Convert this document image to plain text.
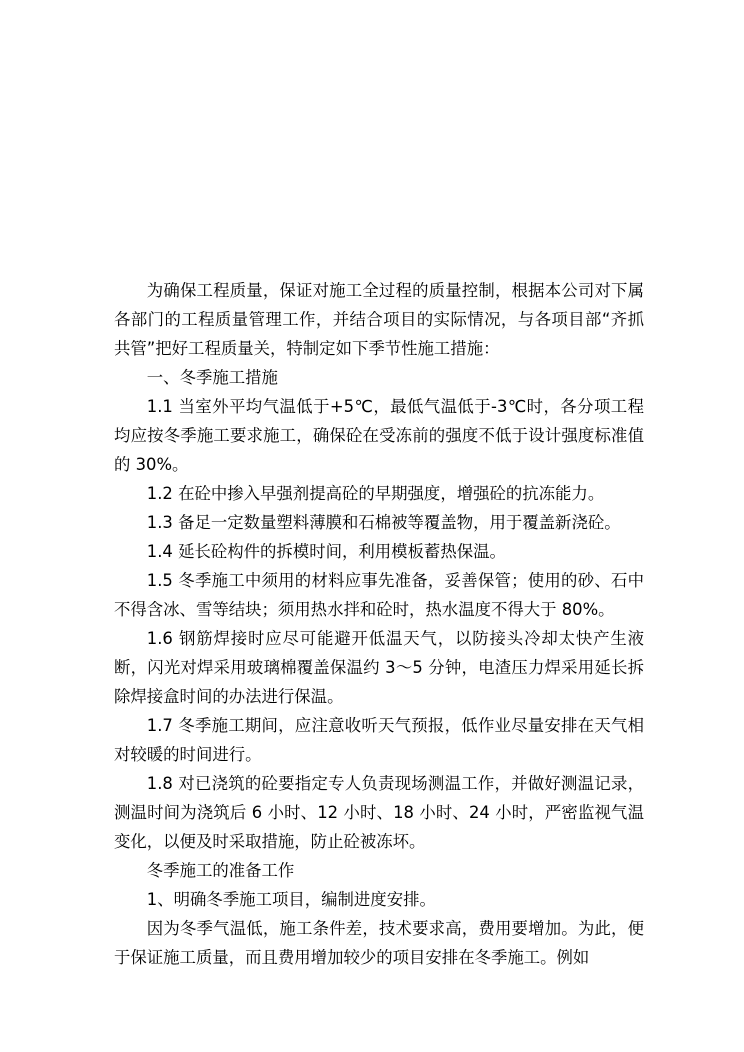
为确保工程质量，保证对施工全过程的质量控制，根据本公司对下属各部门的工程质量管理工作，并结合项目的实际情况，与各项目部“齐抓共管”把好工程质量关，特制定如下季节性施工措施：

一、冬季施工措施

1.1 当室外平均气温低于+5℃，最低气温低于-3℃时，各分项工程均应按冬季施工要求施工，确保砼在受冻前的强度不低于设计强度标准值的 30%。

1.2 在砼中掺入早强剂提高砼的早期强度，增强砼的抗冻能力。

1.3 备足一定数量塑料薄膜和石棉被等覆盖物，用于覆盖新浇砼。

1.4 延长砼构件的拆模时间，利用模板蓄热保温。

1.5 冬季施工中须用的材料应事先准备，妥善保管；使用的砂、石中不得含冰、雪等结块；须用热水拌和砼时，热水温度不得大于 80%。

1.6 钢筋焊接时应尽可能避开低温天气，以防接头冷却太快产生液断，闪光对焊采用玻璃棉覆盖保温约 3～5 分钟，电渣压力焊采用延长拆除焊接盒时间的办法进行保温。

1.7 冬季施工期间，应注意收听天气预报，低作业尽量安排在天气相对较暖的时间进行。

1.8 对已浇筑的砼要指定专人负责现场测温工作，并做好测温记录，测温时间为浇筑后 6 小时、12 小时、18 小时、24 小时，严密监视气温变化，以便及时采取措施，防止砼被冻坏。

冬季施工的准备工作

1、明确冬季施工项目，编制进度安排。

因为冬季气温低，施工条件差，技术要求高，费用要增加。为此，便于保证施工质量，而且费用增加较少的项目安排在冬季施工。例如
